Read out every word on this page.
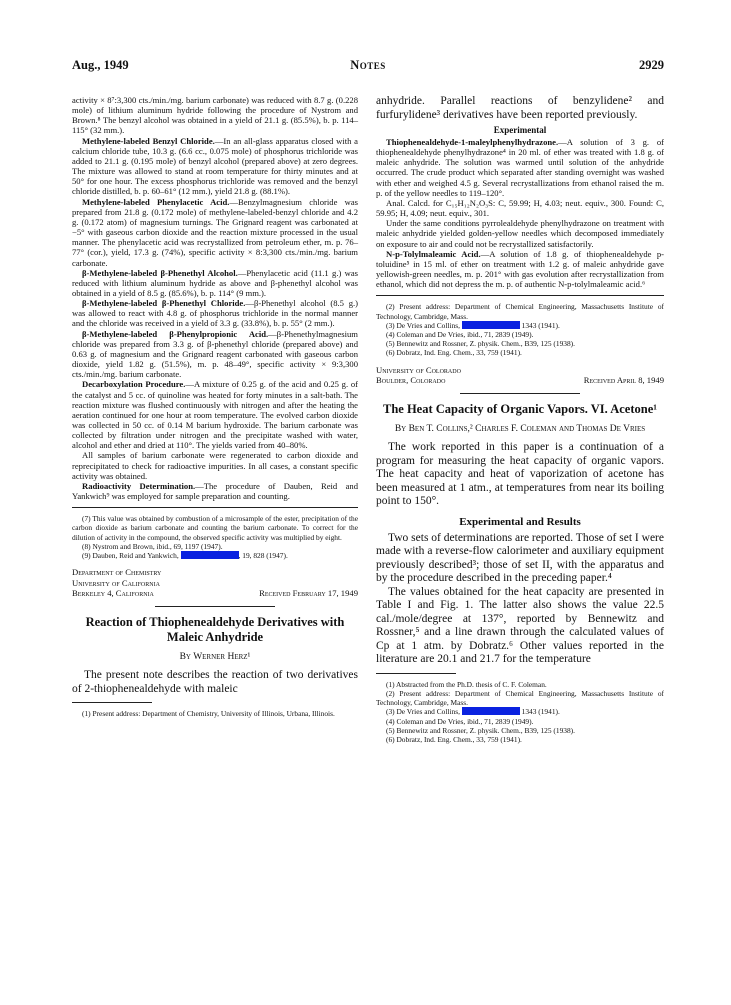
Aug., 1949	Notes	2929

activity × 8⁷:3,300 cts./min./mg. barium carbonate) was reduced with 8.7 g. (0.228 mole) of lithium aluminum hydride following the procedure of Nystrom and Brown.⁸ The benzyl alcohol was obtained in a yield of 21.1 g. (85.5%), b. p. 114–115° (32 mm.).

Methylene-labeled Benzyl Chloride.—In an all-glass apparatus closed with a calcium chloride tube, 10.3 g. (6.6 cc., 0.075 mole) of phosphorus trichloride was added to 21.1 g. (0.195 mole) of benzyl alcohol (prepared above) at zero degrees. The mixture was allowed to stand at room temperature for thirty minutes and at 50° for one hour. The excess phosphorus trichloride was removed and the benzyl chloride distilled, b. p. 60–61° (12 mm.), yield 21.8 g. (88.1%).

Methylene-labeled Phenylacetic Acid.—Benzylmagnesium chloride was prepared from 21.8 g. (0.172 mole) of methylene-labeled-benzyl chloride and 4.2 g. (0.172 atom) of magnesium turnings. The Grignard reagent was carbonated at −5° with gaseous carbon dioxide and the reaction mixture processed in the usual manner. The phenylacetic acid was recrystallized from petroleum ether, m. p. 76–77° (cor.), yield, 17.3 g. (74%), specific activity × 8:3,300 cts./min./mg. barium carbonate.

β-Methylene-labeled β-Phenethyl Alcohol.—Phenylacetic acid (11.1 g.) was reduced with lithium aluminum hydride as above and β-phenethyl alcohol was obtained in a yield of 8.5 g. (85.6%), b. p. 114° (9 mm.).

β-Methylene-labeled β-Phenethyl Chloride.—β-Phenethyl alcohol (8.5 g.) was allowed to react with 4.8 g. of phosphorus trichloride in the normal manner and the chloride was received in a yield of 3.3 g. (33.8%), b. p. 55° (2 mm.).

β-Methylene-labeled β-Phenylpropionic Acid.—β-Phenethylmagnesium chloride was prepared from 3.3 g. of β-phenethyl chloride (prepared above) and 0.63 g. of magnesium and the Grignard reagent carbonated with gaseous carbon dioxide, yield 1.82 g. (51.5%), m. p. 48–49°, specific activity × 9:3,300 cts./min./mg. barium carbonate.

Decarboxylation Procedure.—A mixture of 0.25 g. of the acid and 0.25 g. of the catalyst and 5 cc. of quinoline was heated for forty minutes in a salt-bath. The reaction mixture was flushed continuously with nitrogen and after the heating the aeration continued for one hour at room temperature. The evolved carbon dioxide was collected in 50 cc. of 0.14 M barium hydroxide. The barium carbonate was collected by filtration under nitrogen and the precipitate washed with water, alcohol and ether and dried at 110°. The yields varied from 40–80%.

All samples of barium carbonate were regenerated to carbon dioxide and reprecipitated to check for radioactive impurities. In all cases, a constant specific activity was obtained.

Radioactivity Determination.—The procedure of Dauben, Reid and Yankwich⁹ was employed for sample preparation and counting.

(7) This value was obtained by combustion of a microsample of the ester, precipitation of the carbon dioxide as barium carbonate and counting the barium carbonate. To correct for the dilution of activity in the compound, the observed specific activity was multiplied by eight.

(8) Nystrom and Brown, ibid., 69, 1197 (1947).

(9) Dauben, Reid and Yankwich,	, 19, 828 (1947).

Department of Chemistry
University of California
Berkeley 4, California	Received February 17, 1949
Reaction of Thiophenealdehyde Derivatives with Maleic Anhydride
By Werner Herz¹

The present note describes the reaction of two derivatives of 2-thiophenealdehyde with maleic

(1) Present address: Department of Chemistry, University of Illinois, Urbana, Illinois.

anhydride. Parallel reactions of benzylidene² and furfurylidene³ derivatives have been reported previously.

Experimental

Thiophenealdehyde-1-maleylphenylhydrazone.—A solution of 3 g. of thiophenealdehyde phenylhydrazone⁴ in 20 ml. of ether was treated with 1.8 g. of maleic anhydride. The solution was warmed until solution of the anhydride occurred. The crude product which separated after standing overnight was washed with ether and weighed 4.5 g. Several recrystallizations from ethanol raised the m. p. of the yellow needles to 119–120°.

Anal. Calcd. for C₁₅H₁₂N₂O₃S: C, 59.99; H, 4.03; neut. equiv., 300. Found: C, 59.95; H, 4.09; neut. equiv., 301.

Under the same conditions pyrrolealdehyde phenylhydrazone on treatment with maleic anhydride yielded golden-yellow needles which decomposed immediately on exposure to air and could not be recrystallized satisfactorily.

N-p-Tolylmaleamic Acid.—A solution of 1.8 g. of thiophenealdehyde p-toluidine⁵ in 15 ml. of ether on treatment with 1.2 g. of maleic anhydride gave yellowish-green needles, m. p. 201° with gas evolution after recrystallization from ethanol, which did not depress the m. p. of authentic N-p-tolylmaleamic acid.⁶

(2) Present address: Department of Chemical Engineering, Massachusetts Institute of Technology, Cambridge, Mass.

(3) De Vries and Collins,	1343 (1941).

(4) Coleman and De Vries, ibid., 71, 2839 (1949).

(5) Bennewitz and Rossner, Z. physik. Chem., B39, 125 (1938).

(6) Dobratz, Ind. Eng. Chem., 33, 759 (1941).

University of Colorado
Boulder, Colorado	Received April 8, 1949
The Heat Capacity of Organic Vapors. VI. Acetone¹
By Ben T. Collins,² Charles F. Coleman and Thomas De Vries

The work reported in this paper is a continuation of a program for measuring the heat capacity of organic vapors. The heat capacity and heat of vaporization of acetone has been measured at 1 atm., at temperatures from near its boiling point to 150°.

Experimental and Results

Two sets of determinations are reported. Those of set I were made with a reverse-flow calorimeter and auxiliary equipment previously described³; those of set II, with the apparatus and by the procedure described in the preceding paper.⁴

The values obtained for the heat capacity are presented in Table I and Fig. 1. The latter also shows the value 22.5 cal./mole/degree at 137°, reported by Bennewitz and Rossner,⁵ and a line drawn through the calculated values of Cp at 1 atm. by Dobratz.⁶ Other values reported in the literature are 20.1 and 21.7 for the temperature

(1) Abstracted from the Ph.D. thesis of C. F. Coleman.

(2) Present address: Department of Chemical Engineering, Massachusetts Institute of Technology, Cambridge, Mass.

(3) De Vries and Collins,	1343 (1941).

(4) Coleman and De Vries, ibid., 71, 2839 (1949).

(5) Bennewitz and Rossner, Z. physik. Chem., B39, 125 (1938).

(6) Dobratz, Ind. Eng. Chem., 33, 759 (1941).
